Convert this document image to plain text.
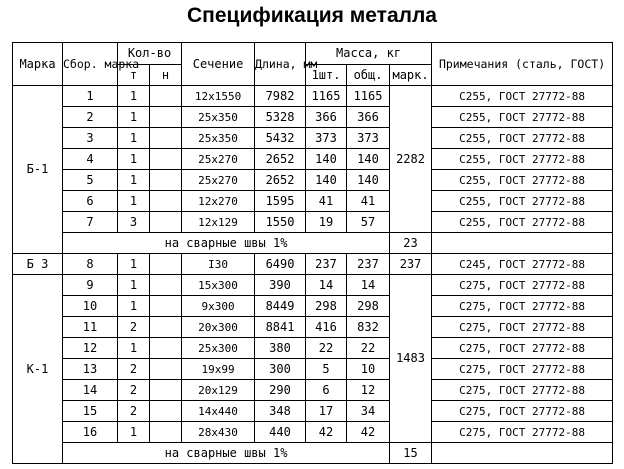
Спецификация металла
Марка	Сбор. марка	Кол-во		Сечение	Длина, мм	Масса, кг			Примечания (сталь, ГОСТ)
		т	н			1шт.	общ.	марк.	
Б-1	1	1		12x1550	7982	1165	1165	2282	С255, ГОСТ 27772-88
	2	1		25x350	5328	366	366		С255, ГОСТ 27772-88
	3	1		25x350	5432	373	373		С255, ГОСТ 27772-88
	4	1		25x270	2652	140	140		С255, ГОСТ 27772-88
	5	1		25x270	2652	140	140		С255, ГОСТ 27772-88
	6	1		12x270	1595	41	41		С255, ГОСТ 27772-88
	7	3		12x129	1550	19	57		С255, ГОСТ 27772-88
	на сварные швы 1%							23	
Б 3	8	1		I30	6490	237	237	237	С245, ГОСТ 27772-88
К-1	9	1		15x300	390	14	14	1483	С275, ГОСТ 27772-88
	10	1		9x300	8449	298	298		С275, ГОСТ 27772-88
	11	2		20x300	8841	416	832		С275, ГОСТ 27772-88
	12	1		25x300	380	22	22		С275, ГОСТ 27772-88
	13	2		19x99	300	5	10		С275, ГОСТ 27772-88
	14	2		20x129	290	6	12		С275, ГОСТ 27772-88
	15	2		14x440	348	17	34		С275, ГОСТ 27772-88
	16	1		28x430	440	42	42		С275, ГОСТ 27772-88
	на сварные швы 1%							15	
